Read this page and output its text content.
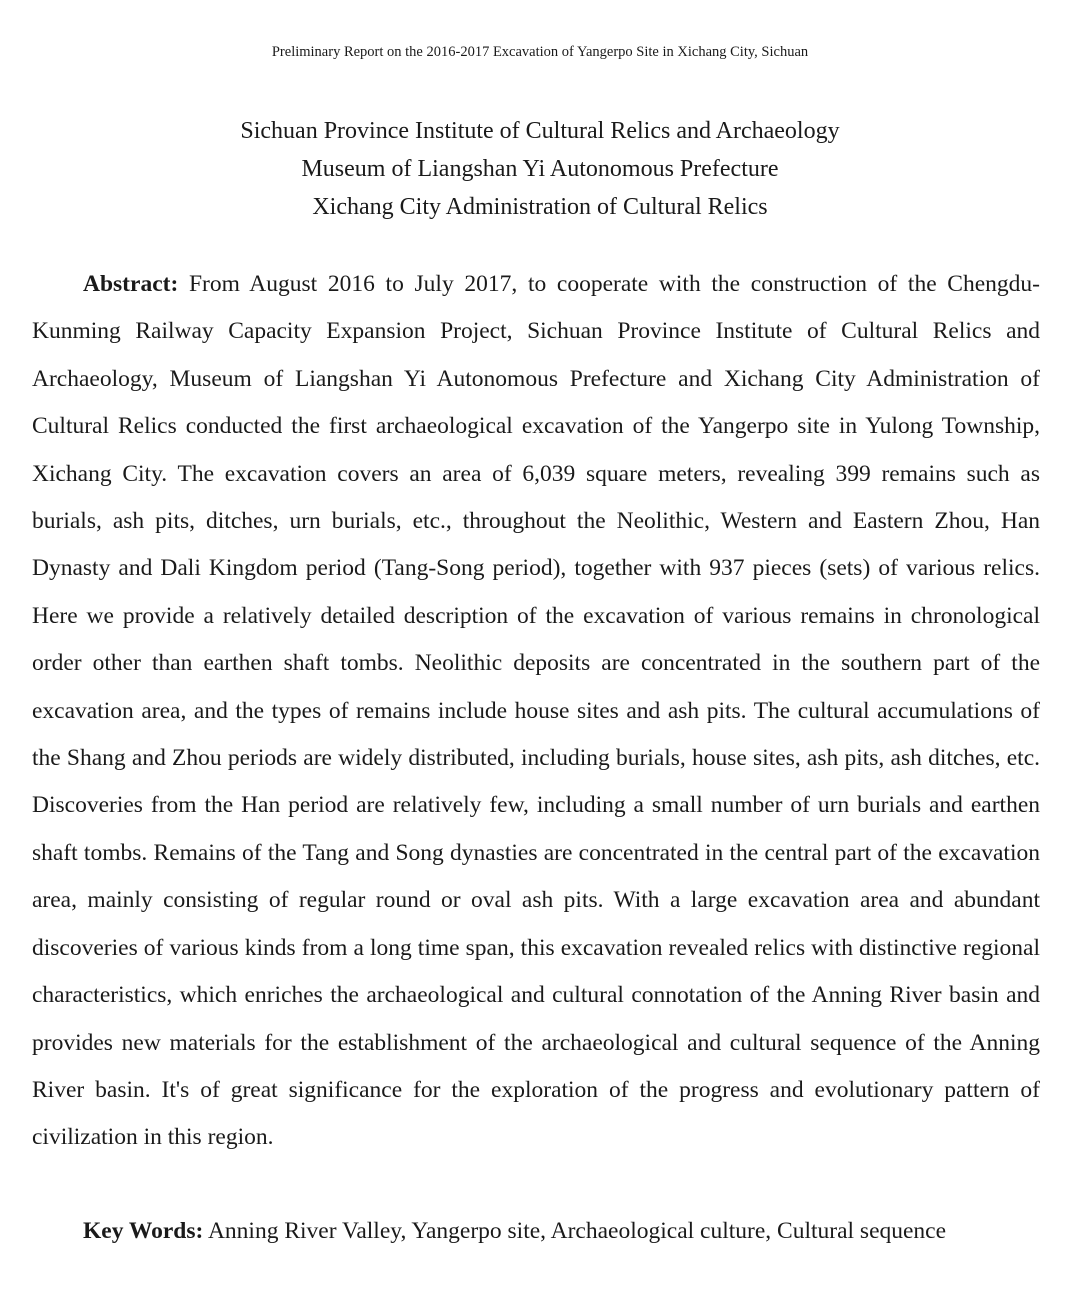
Preliminary Report on the 2016-2017 Excavation of Yangerpo Site in Xichang City, Sichuan
Sichuan Province Institute of Cultural Relics and Archaeology
Museum of Liangshan Yi Autonomous Prefecture
Xichang City Administration of Cultural Relics

Abstract: From August 2016 to July 2017, to cooperate with the construction of the Chengdu-Kunming Railway Capacity Expansion Project, Sichuan Province Institute of Cultural Relics and Archaeology, Museum of Liangshan Yi Autonomous Prefecture and Xichang City Administration of Cultural Relics conducted the first archaeological excavation of the Yangerpo site in Yulong Township, Xichang City. The excavation covers an area of 6,039 square meters, revealing 399 remains such as burials, ash pits, ditches, urn burials, etc., throughout the Neolithic, Western and Eastern Zhou, Han Dynasty and Dali Kingdom period (Tang-Song period), together with 937 pieces (sets) of various relics. Here we provide a relatively detailed description of the excavation of various remains in chronological order other than earthen shaft tombs. Neolithic deposits are concentrated in the southern part of the excavation area, and the types of remains include house sites and ash pits. The cultural accumulations of the Shang and Zhou periods are widely distributed, including burials, house sites, ash pits, ash ditches, etc. Discoveries from the Han period are relatively few, including a small number of urn burials and earthen shaft tombs. Remains of the Tang and Song dynasties are concentrated in the central part of the excavation area, mainly consisting of regular round or oval ash pits. With a large excavation area and abundant discoveries of various kinds from a long time span, this excavation revealed relics with distinctive regional characteristics, which enriches the archaeological and cultural connotation of the Anning River basin and provides new materials for the establishment of the archaeological and cultural sequence of the Anning River basin. It's of great significance for the exploration of the progress and evolutionary pattern of civilization in this region.

Key Words: Anning River Valley, Yangerpo site, Archaeological culture, Cultural sequence
